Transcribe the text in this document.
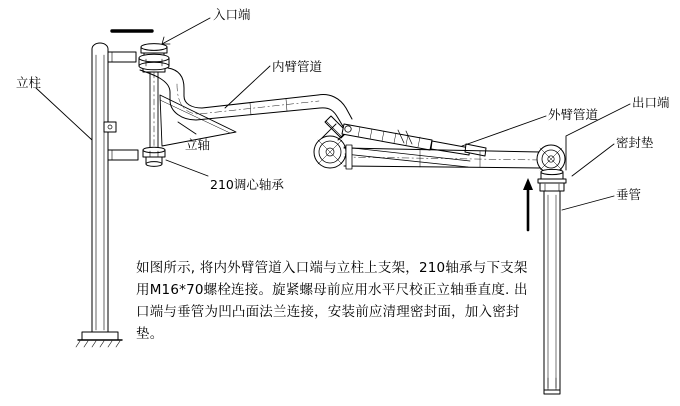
入口端
内臂管道
立柱
立轴
210调心轴承
外臂管道
出口端
密封垫
垂管
如图所示, 将内外臂管道入口端与立柱上支架，210轴承与下支架用M16*70螺栓连接。旋紧螺母前应用水平尺校正立轴垂直度. 出口端与垂管为凹凸面法兰连接，安装前应清理密封面，加入密封垫。
